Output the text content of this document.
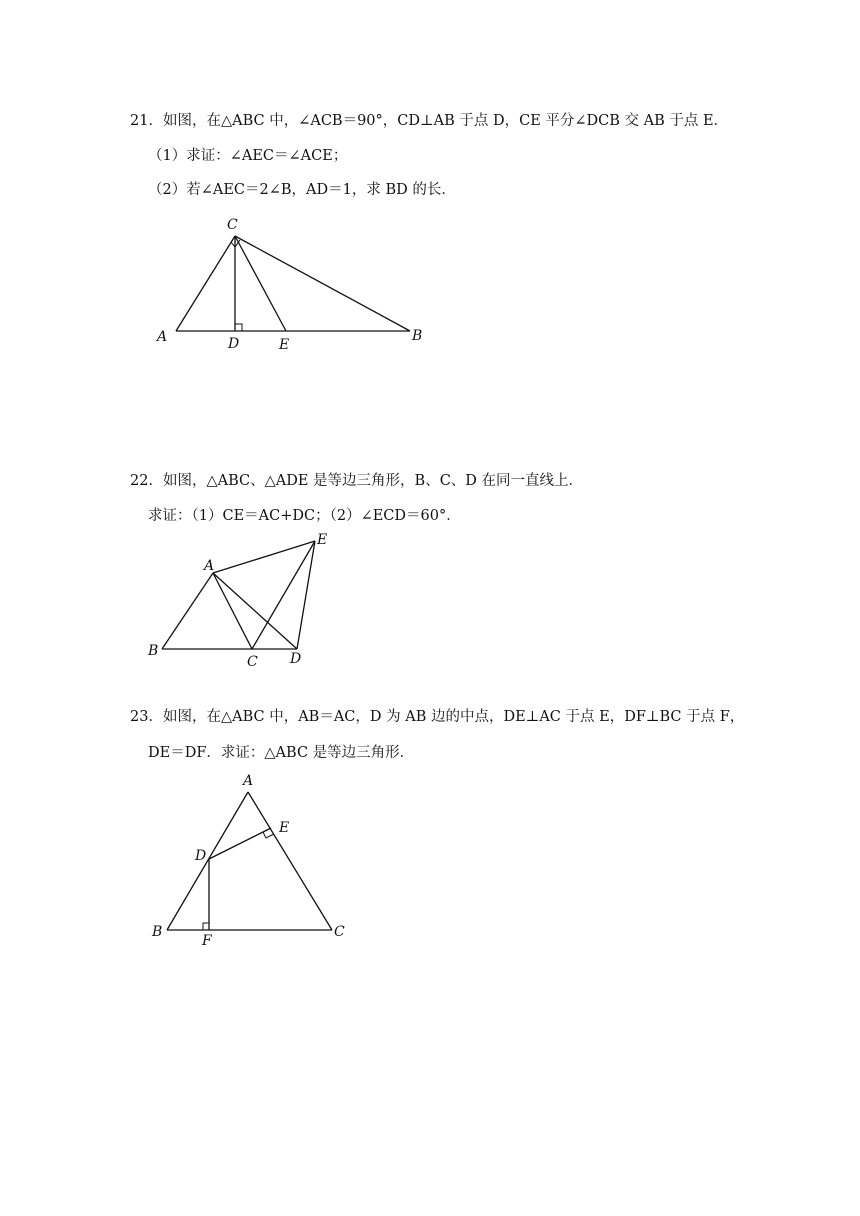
21．如图，在△ABC 中，∠ACB＝90°，CD⊥AB 于点 D，CE 平分∠DCB 交 AB 于点 E．
（1）求证：∠AEC＝∠ACE；
（2）若∠AEC＝2∠B，AD＝1，求 BD 的长．
C
A	D	E
B
22．如图，△ABC、△ADE 是等边三角形，B、C、D 在同一直线上．
求证：（1）CE＝AC+DC；（2）∠ECD＝60°．
A
E
B
C D
23．如图，在△ABC 中，AB＝AC，D 为 AB 边的中点，DE⊥AC 于点 E，DF⊥BC 于点 F，
DE＝DF．求证：△ABC 是等边三角形．
A
E
D
B
F
C
